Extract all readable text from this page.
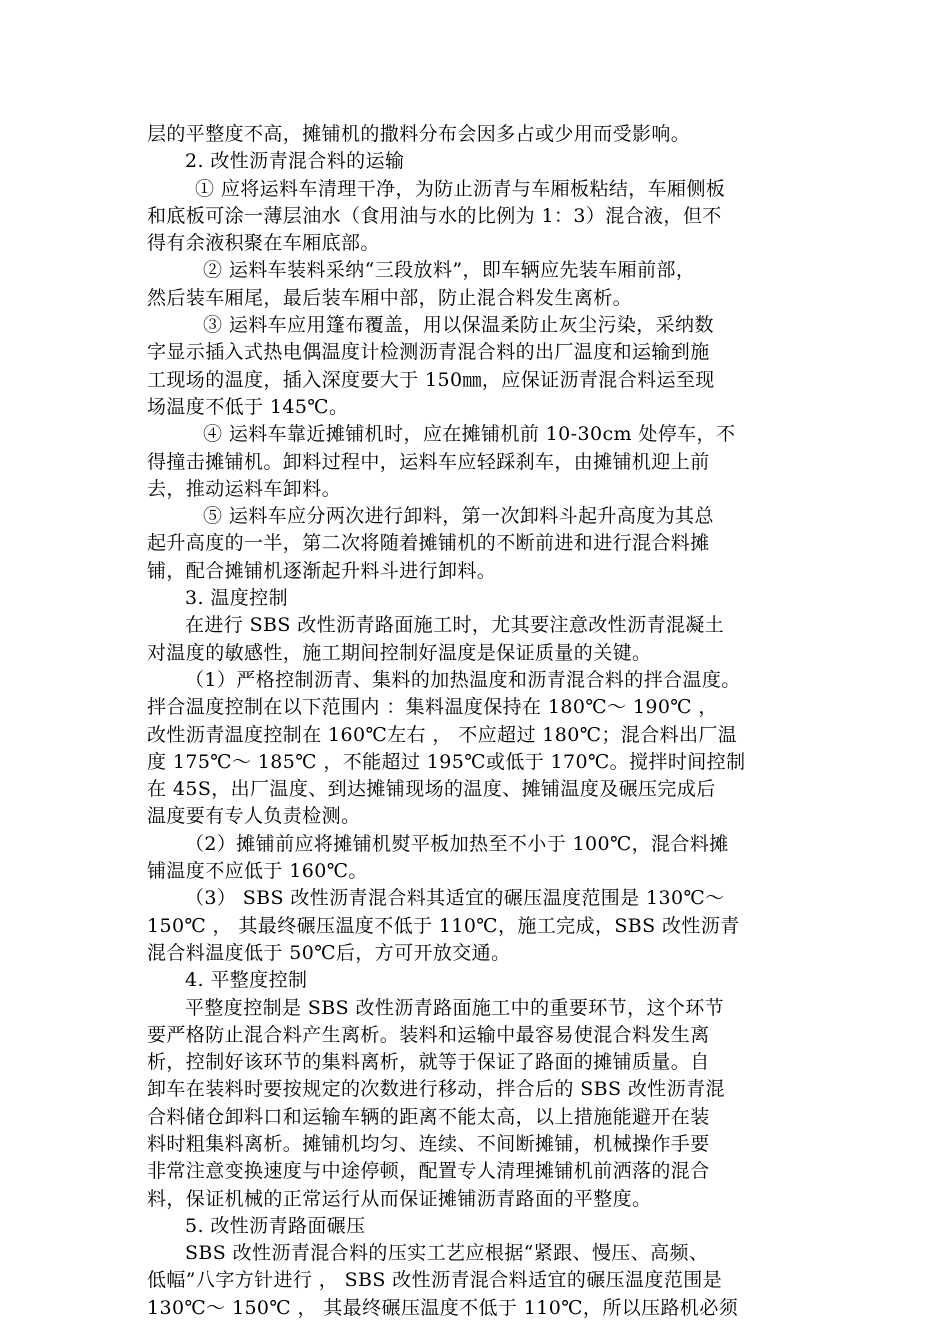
层的平整度不高，摊铺机的撒料分布会因多占或少用而受影响。
2. 改性沥青混合料的运输
① 应将运料车清理干净，为防止沥青与车厢板粘结，车厢侧板
和底板可涂一薄层油水（食用油与水的比例为 1：3）混合液，但不
得有余液积聚在车厢底部。
② 运料车装料采纳“三段放料”，即车辆应先装车厢前部，
然后装车厢尾，最后装车厢中部，防止混合料发生离析。
③ 运料车应用篷布覆盖，用以保温柔防止灰尘污染，采纳数
字显示插入式热电偶温度计检测沥青混合料的出厂温度和运输到施
工现场的温度，插入深度要大于 150㎜，应保证沥青混合料运至现
场温度不低于 145℃。
④ 运料车靠近摊铺机时，应在摊铺机前 10-30cm 处停车，不
得撞击摊铺机。卸料过程中，运料车应轻踩刹车，由摊铺机迎上前
去，推动运料车卸料。
⑤ 运料车应分两次进行卸料，第一次卸料斗起升高度为其总
起升高度的一半，第二次将随着摊铺机的不断前进和进行混合料摊
铺，配合摊铺机逐渐起升料斗进行卸料。
3. 温度控制
在进行 SBS 改性沥青路面施工时，尤其要注意改性沥青混凝土
对温度的敏感性，施工期间控制好温度是保证质量的关键。
（1）严格控制沥青、集料的加热温度和沥青混合料的拌合温度。
拌合温度控制在以下范围内 ：集料温度保持在 180℃～ 190℃ ，
改性沥青温度控制在 160℃左右 ， 不应超过 180℃；混合料出厂温
度 175℃～ 185℃ ，不能超过 195℃或低于 170℃。搅拌时间控制
在 45S，出厂温度、到达摊铺现场的温度、摊铺温度及碾压完成后
温度要有专人负责检测。
（2）摊铺前应将摊铺机熨平板加热至不小于 100℃，混合料摊
铺温度不应低于 160℃。
（3） SBS 改性沥青混合料其适宜的碾压温度范围是 130℃～
150℃ ， 其最终碾压温度不低于 110℃，施工完成，SBS 改性沥青
混合料温度低于 50℃后，方可开放交通。
4. 平整度控制
平整度控制是 SBS 改性沥青路面施工中的重要环节，这个环节
要严格防止混合料产生离析。装料和运输中最容易使混合料发生离
析，控制好该环节的集料离析，就等于保证了路面的摊铺质量。自
卸车在装料时要按规定的次数进行移动，拌合后的 SBS 改性沥青混
合料储仓卸料口和运输车辆的距离不能太高，以上措施能避开在装
料时粗集料离析。摊铺机均匀、连续、不间断摊铺，机械操作手要
非常注意变换速度与中途停顿，配置专人清理摊铺机前洒落的混合
料，保证机械的正常运行从而保证摊铺沥青路面的平整度。
5. 改性沥青路面碾压
SBS 改性沥青混合料的压实工艺应根据“紧跟、慢压、高频、
低幅”八字方针进行 ， SBS 改性沥青混合料适宜的碾压温度范围是
130℃～ 150℃ ， 其最终碾压温度不低于 110℃，所以压路机必须
